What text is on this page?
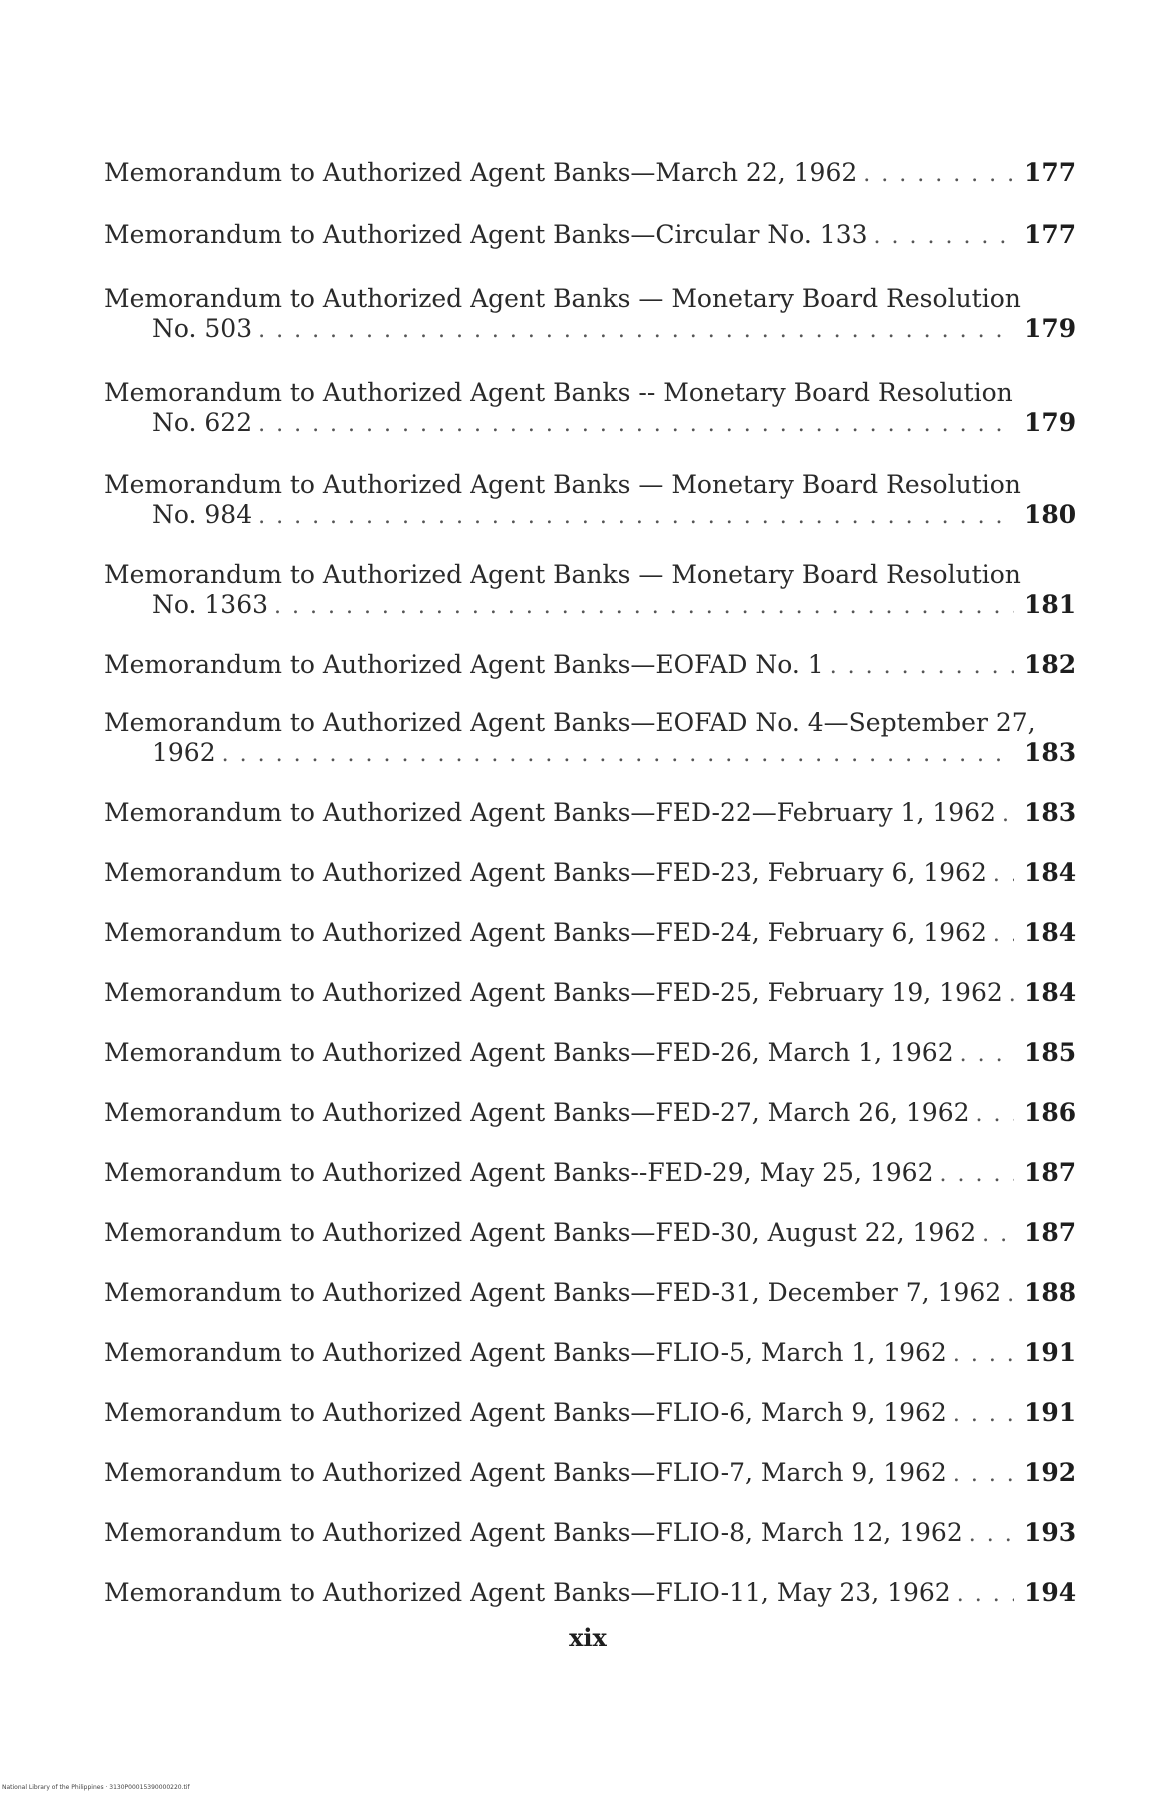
Memorandum to Authorized Agent Banks—March 22, 1962 . . .	177
Memorandum to Authorized Agent Banks—Circular No. 133 . . .	177
Memorandum to Authorized Agent Banks — Monetary Board Resolution
No. 503 . . .	179
Memorandum to Authorized Agent Banks -- Monetary Board Resolution
No. 622 . . .	179
Memorandum to Authorized Agent Banks — Monetary Board Resolution
No. 984 . . .	180
Memorandum to Authorized Agent Banks — Monetary Board Resolution
No. 1363 . . .	181
Memorandum to Authorized Agent Banks—EOFAD No. 1 . . .	182
Memorandum to Authorized Agent Banks—EOFAD No. 4—September 27,
1962 . . .	183
Memorandum to Authorized Agent Banks—FED-22—February 1, 1962 . . . 183
Memorandum to Authorized Agent Banks—FED-23, February 6, 1962 . . . 184
Memorandum to Authorized Agent Banks—FED-24, February 6, 1962 . . . 184
Memorandum to Authorized Agent Banks—FED-25, February 19, 1962 . . . 184
Memorandum to Authorized Agent Banks—FED-26, March 1, 1962 . . .	185
Memorandum to Authorized Agent Banks—FED-27, March 26, 1962 . . . 186
Memorandum to Authorized Agent Banks--FED-29, May 25, 1962 . . .	187
Memorandum to Authorized Agent Banks—FED-30, August 22, 1962 . . . 187
Memorandum to Authorized Agent Banks—FED-31, December 7, 1962 . . . 188
Memorandum to Authorized Agent Banks—FLIO-5, March 1, 1962 . . .	191
Memorandum to Authorized Agent Banks—FLIO-6, March 9, 1962 . . .	191
Memorandum to Authorized Agent Banks—FLIO-7, March 9, 1962 . . .	192
Memorandum to Authorized Agent Banks—FLIO-8, March 12, 1962 . . . 193
Memorandum to Authorized Agent Banks—FLIO-11, May 23, 1962 . . .	194
xix
National Library of the Philippines · 3130P00015390000220.tif
